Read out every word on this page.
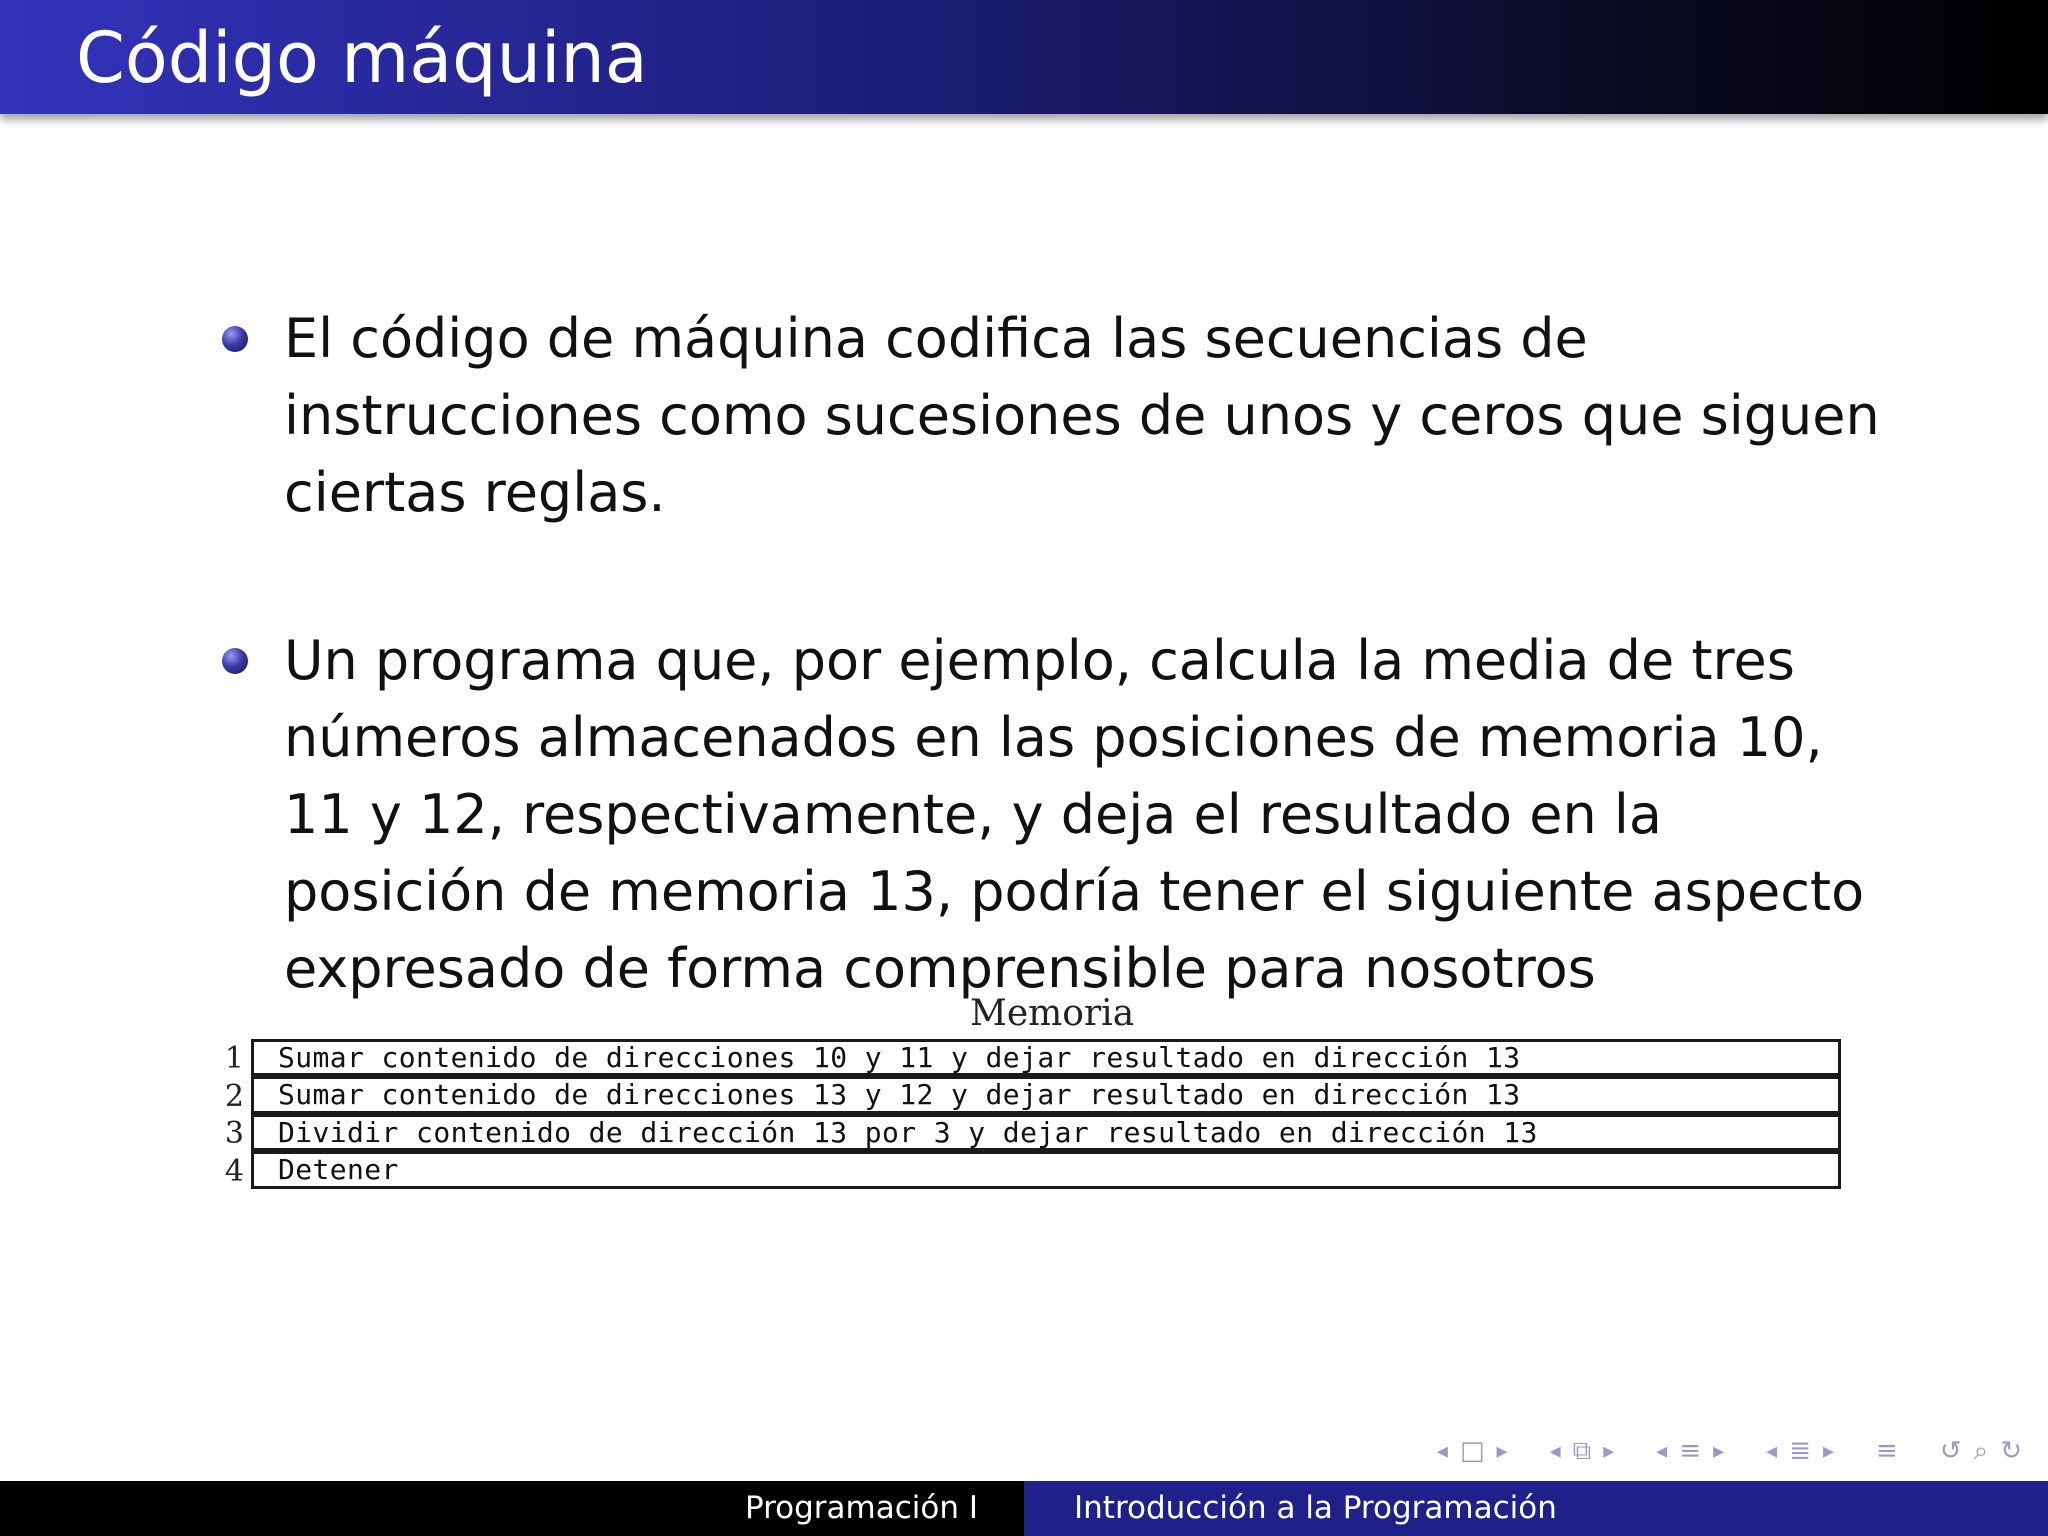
Código máquina
El código de máquina codifica las secuencias de instrucciones como sucesiones de unos y ceros que siguen ciertas reglas.
Un programa que, por ejemplo, calcula la media de tres números almacenados en las posiciones de memoria 10, 11 y 12, respectivamente, y deja el resultado en la posición de memoria 13, podría tener el siguiente aspecto expresado de forma comprensible para nosotros
Memoria
1	Sumar contenido de direcciones 10 y 11 y dejar resultado en dirección 13
2	Sumar contenido de direcciones 13 y 12 y dejar resultado en dirección 13
3	Dividir contenido de dirección 13 por 3 y dejar resultado en dirección 13
4	Detener
◂ □ ▸ ◂ ⧉ ▸ ◂ ≡ ▸ ◂ ≣ ▸ ≡ ↺ ⌕ ↻
Programación I	Introducción a la Programación
